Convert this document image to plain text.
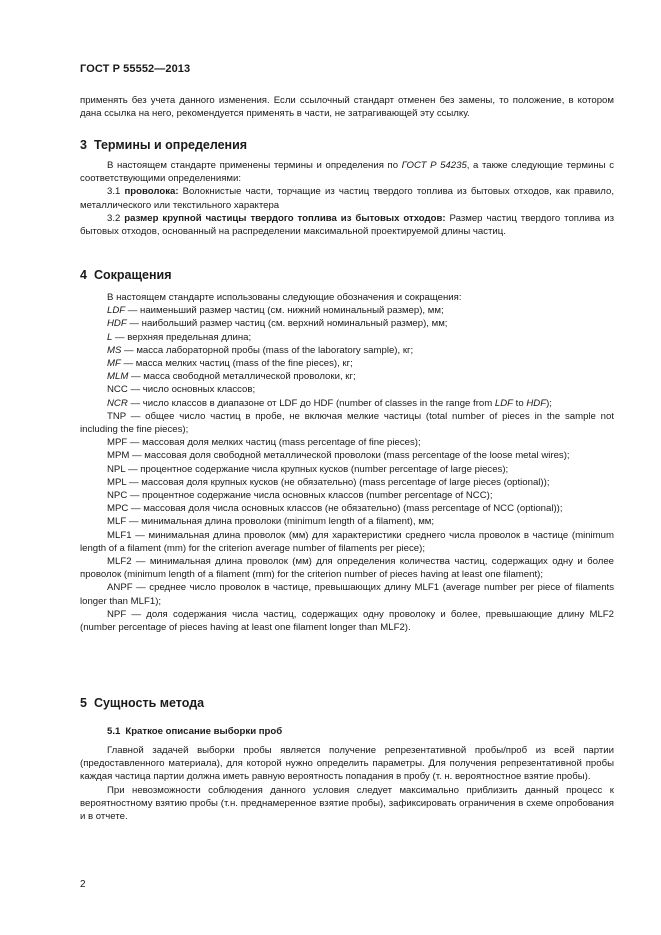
ГОСТ Р 55552—2013

применять без учета данного изменения. Если ссылочный стандарт отменен без замены, то положение, в котором дана ссылка на него, рекомендуется применять в части, не затрагивающей эту ссылку.

3 Термины и определения

В настоящем стандарте применены термины и определения по ГОСТ Р 54235, а также следующие термины с соответствующими определениями:

3.1 проволока: Волокнистые части, торчащие из частиц твердого топлива из бытовых отходов, как правило, металлического или текстильного характера

3.2 размер крупной частицы твердого топлива из бытовых отходов: Размер частиц твердого топлива из бытовых отходов, основанный на распределении максимальной проектируемой длины частиц.

4 Сокращения

В настоящем стандарте использованы следующие обозначения и сокращения:

LDF — наименьший размер частиц (см. нижний номинальный размер), мм;

HDF — наибольший размер частиц (см. верхний номинальный размер), мм;

L — верхняя предельная длина;

MS — масса лабораторной пробы (mass of the laboratory sample), кг;

MF — масса мелких частиц (mass of the fine pieces), кг;

MLM — масса свободной металлической проволоки, кг;

NCC — число основных классов;

NCR — число классов в диапазоне от LDF до HDF (number of classes in the range from LDF to HDF);

TNP — общее число частиц в пробе, не включая мелкие частицы (total number of pieces in the sample not including the fine pieces);

MPF — массовая доля мелких частиц (mass percentage of fine pieces);

MPM — массовая доля свободной металлической проволоки (mass percentage of the loose metal wires);

NPL — процентное содержание числа крупных кусков (number percentage of large pieces);

MPL — массовая доля крупных кусков (не обязательно) (mass percentage of large pieces (optional));

NPC — процентное содержание числа основных классов (number percentage of NCC);

MPC — массовая доля числа основных классов (не обязательно) (mass percentage of NCC (optional));

MLF — минимальная длина проволоки (minimum length of a filament), мм;

MLF1 — минимальная длина проволок (мм) для характеристики среднего числа проволок в частице (minimum length of a filament (mm) for the criterion average number of filaments per piece);

MLF2 — минимальная длина проволок (мм) для определения количества частиц, содержащих одну и более проволок (minimum length of a filament (mm) for the criterion number of pieces having at least one filament);

ANPF — среднее число проволок в частице, превышающих длину MLF1 (average number per piece of filaments longer than MLF1);

NPF — доля содержания числа частиц, содержащих одну проволоку и более, превышающие длину MLF2 (number percentage of pieces having at least one filament longer than MLF2).

5 Сущность метода

5.1 Краткое описание выборки проб

Главной задачей выборки пробы является получение репрезентативной пробы/проб из всей партии (предоставленного материала), для которой нужно определить параметры. Для получения репрезентативной пробы каждая частица партии должна иметь равную вероятность попадания в пробу (т. н. вероятностное взятие пробы).

При невозможности соблюдения данного условия следует максимально приблизить данный процесс к вероятностному взятию пробы (т.н. преднамеренное взятие пробы), зафиксировать ограничения в схеме опробования и в отчете.

2
